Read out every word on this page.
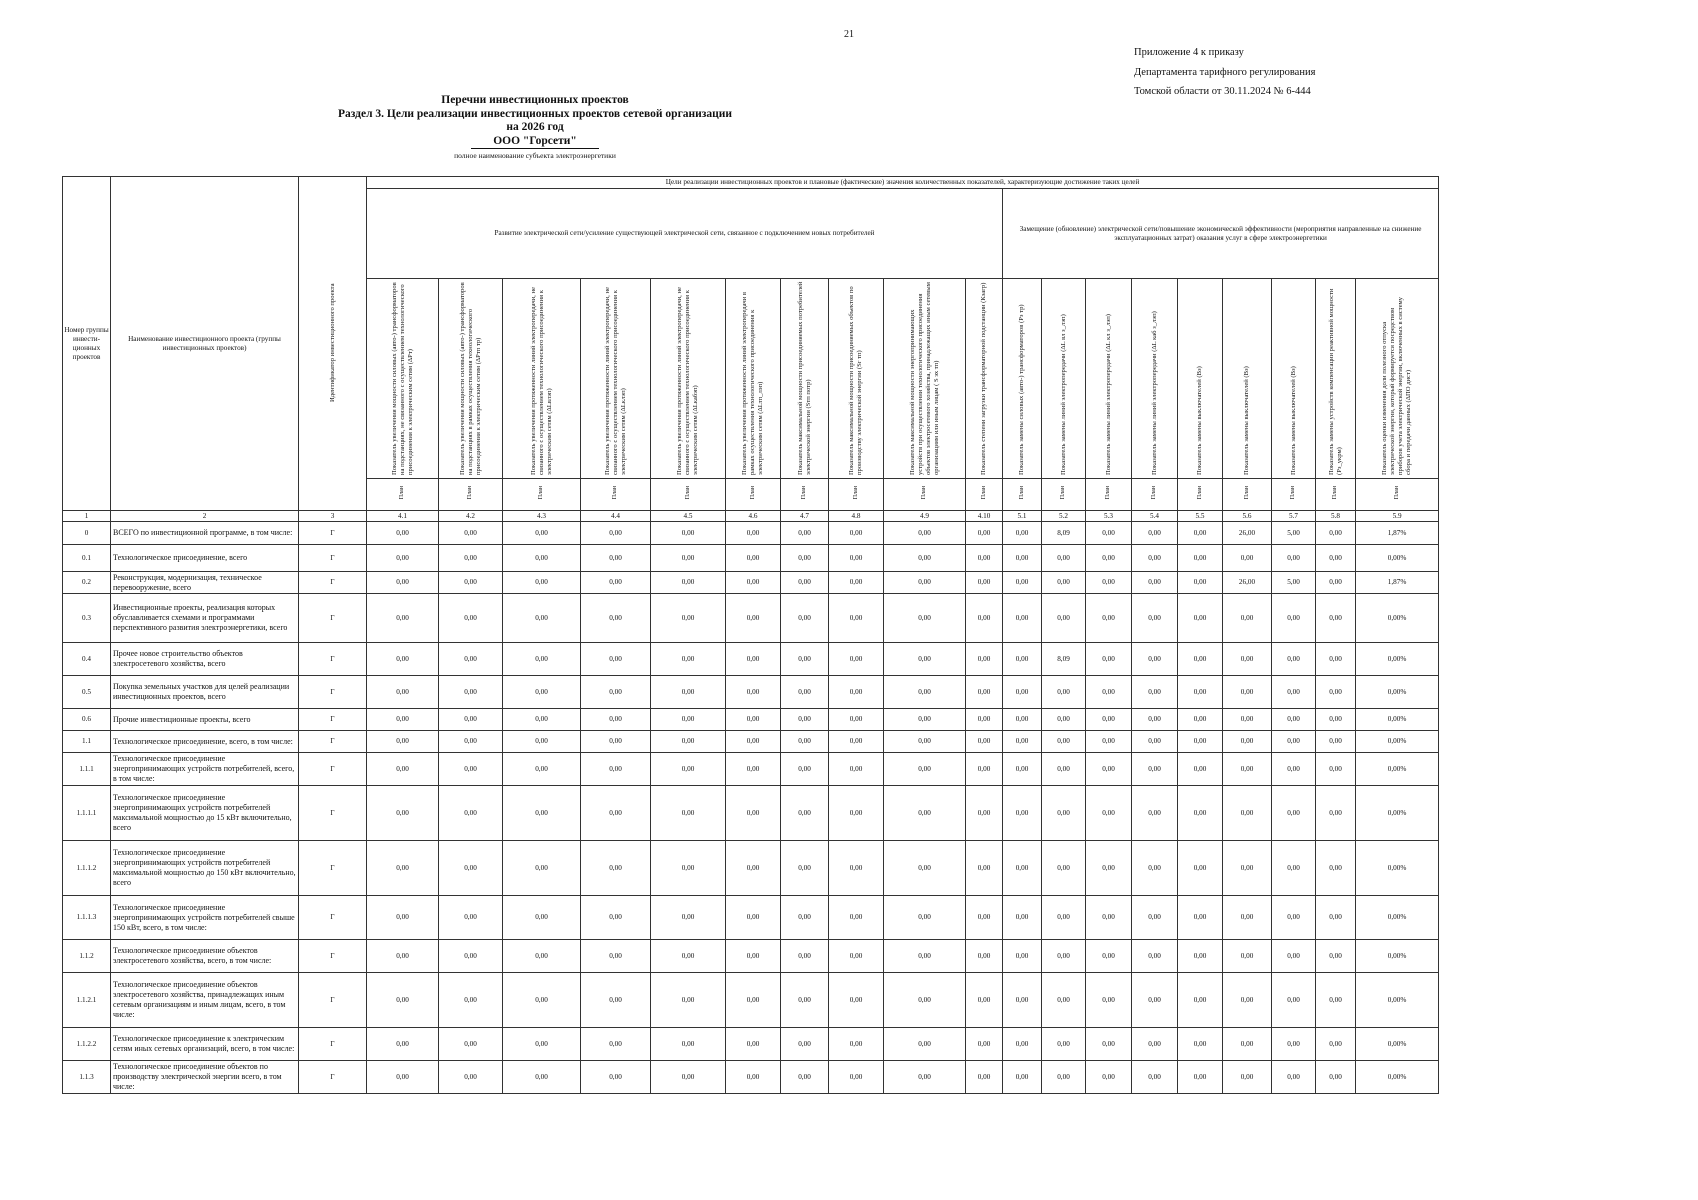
21
Приложение 4 к приказу
Департамента тарифного регулирования
Томской области от 30.11.2024 № 6-444
Перечни инвестиционных проектов
Раздел 3. Цели реализации инвестиционных проектов сетевой организации
на 2026 год
ООО "Горсети"
полное наименование субъекта электроэнергетики
Номер группы инвести-ционных проектов	Наименование инвестиционного проекта (группы инвестиционных проектов)	Идентификатор инвестиционного проекта	Цели реализации инвестиционных проектов и плановые (фактические) значения количественных показателей, характеризующие достижение таких целей																		
			Развитие электрической сети/усиление существующей электрической сети, связанное с подключением новых потребителей										Замещение (обновление) электрической сети/повышение экономической эффективности (мероприятия направленные на снижение эксплуатационных затрат) оказания услуг в сфере электроэнергетики								
			Показатель увеличения мощности силовых (авто-) трансформаторов на подстанциях, не связанного с осуществлением технологического присоединения к электрическим сетям (ΔPт)	Показатель увеличения мощности силовых (авто-) трансформаторов на подстанциях в рамках осуществления технологического присоединения к электрическим сетям (ΔPтп тр)	Показатель увеличения протяженности линий электропередачи, не связанного с осуществлением технологического присоединения к электрическим сетям (ΔLвлэп)	Показатель увеличения протяженности линий электропередачи, не связанного с осуществлением технологического присоединения к электрическим сетям (ΔLклэп)	Показатель увеличения протяженности линий электропередачи, не связанного с осуществлением технологического присоединения к электрическим сетям (ΔLкабэп)	Показатель увеличения протяженности линий электропередачи в рамках осуществления технологического присоединения к электрическим сетям (ΔLтп_лэп)	Показатель максимальной мощности присоединяемых потребителей электрической энергии (Sтп потр)	Показатель максимальной мощности присоединяемых объектов по производству электрической энергии (Sг тп)	Показатель максимальной мощности энергопринимающих устройств при осуществлении технологического присоединения объектов электросетевого хозяйства, принадлежащих иным сетевым организациям или иным лицам ( S эх тп)	Показатель степени загрузки трансформаторной подстанции (Кзагр)	Показатель замены силовых (авто-) трансформаторов (Pз тр)	Показатель замены линий электропередачи (ΔL вл з_лэп)	Показатель замены линий электропередачи (ΔL кл з_лэп)	Показатель замены линий электропередачи (ΔL каб з_лэп)	Показатель замены выключателей (Вз)	Показатель замены выключателей (Вз)	Показатель замены выключателей (Вз)	Показатель замены устройств компенсации реактивной мощности (Pз_укрм)	Показатель оценки изменения доли полезного отпуска электрической энергии, который формируется посредством приборов учета электрической энергии, включенных в систему сбора и передачи данных (ΔПО дист)
			План	План	План	План	План	План	План	План	План	План	План	План	План	План	План	План	План	План	План
1	2	3	4.1	4.2	4.3	4.4	4.5	4.6	4.7	4.8	4.9	4.10	5.1	5.2	5.3	5.4	5.5	5.6	5.7	5.8	5.9
0	ВСЕГО по инвестиционной программе, в том числе:	Г	0,00	0,00	0,00	0,00	0,00	0,00	0,00	0,00	0,00	0,00	0,00	8,09	0,00	0,00	0,00	26,00	5,00	0,00	1,87%
0.1	Технологическое присоединение, всего	Г	0,00	0,00	0,00	0,00	0,00	0,00	0,00	0,00	0,00	0,00	0,00	0,00	0,00	0,00	0,00	0,00	0,00	0,00	0,00%
0.2	Реконструкция, модернизация, техническое перевооружение, всего	Г	0,00	0,00	0,00	0,00	0,00	0,00	0,00	0,00	0,00	0,00	0,00	0,00	0,00	0,00	0,00	26,00	5,00	0,00	1,87%
0.3	Инвестиционные проекты, реализация которых обуславливается схемами и программами перспективного развития электроэнергетики, всего	Г	0,00	0,00	0,00	0,00	0,00	0,00	0,00	0,00	0,00	0,00	0,00	0,00	0,00	0,00	0,00	0,00	0,00	0,00	0,00%
0.4	Прочее новое строительство объектов электросетевого хозяйства, всего	Г	0,00	0,00	0,00	0,00	0,00	0,00	0,00	0,00	0,00	0,00	0,00	8,09	0,00	0,00	0,00	0,00	0,00	0,00	0,00%
0.5	Покупка земельных участков для целей реализации инвестиционных проектов, всего	Г	0,00	0,00	0,00	0,00	0,00	0,00	0,00	0,00	0,00	0,00	0,00	0,00	0,00	0,00	0,00	0,00	0,00	0,00	0,00%
0.6	Прочие инвестиционные проекты, всего	Г	0,00	0,00	0,00	0,00	0,00	0,00	0,00	0,00	0,00	0,00	0,00	0,00	0,00	0,00	0,00	0,00	0,00	0,00	0,00%
1.1	Технологическое присоединение, всего, в том числе:	Г	0,00	0,00	0,00	0,00	0,00	0,00	0,00	0,00	0,00	0,00	0,00	0,00	0,00	0,00	0,00	0,00	0,00	0,00	0,00%
1.1.1	Технологическое присоединение энергопринимающих устройств потребителей, всего, в том числе:	Г	0,00	0,00	0,00	0,00	0,00	0,00	0,00	0,00	0,00	0,00	0,00	0,00	0,00	0,00	0,00	0,00	0,00	0,00	0,00%
1.1.1.1	Технологическое присоединение энергопринимающих устройств потребителей максимальной мощностью до 15 кВт включительно, всего	Г	0,00	0,00	0,00	0,00	0,00	0,00	0,00	0,00	0,00	0,00	0,00	0,00	0,00	0,00	0,00	0,00	0,00	0,00	0,00%
1.1.1.2	Технологическое присоединение энергопринимающих устройств потребителей максимальной мощностью до 150 кВт включительно, всего	Г	0,00	0,00	0,00	0,00	0,00	0,00	0,00	0,00	0,00	0,00	0,00	0,00	0,00	0,00	0,00	0,00	0,00	0,00	0,00%
1.1.1.3	Технологическое присоединение энергопринимающих устройств потребителей свыше 150 кВт, всего, в том числе:	Г	0,00	0,00	0,00	0,00	0,00	0,00	0,00	0,00	0,00	0,00	0,00	0,00	0,00	0,00	0,00	0,00	0,00	0,00	0,00%
1.1.2	Технологическое присоединение объектов электросетевого хозяйства, всего, в том числе:	Г	0,00	0,00	0,00	0,00	0,00	0,00	0,00	0,00	0,00	0,00	0,00	0,00	0,00	0,00	0,00	0,00	0,00	0,00	0,00%
1.1.2.1	Технологическое присоединение объектов электросетевого хозяйства, принадлежащих иным сетевым организациям и иным лицам, всего, в том числе:	Г	0,00	0,00	0,00	0,00	0,00	0,00	0,00	0,00	0,00	0,00	0,00	0,00	0,00	0,00	0,00	0,00	0,00	0,00	0,00%
1.1.2.2	Технологическое присоединение к электрическим сетям иных сетевых организаций, всего, в том числе:	Г	0,00	0,00	0,00	0,00	0,00	0,00	0,00	0,00	0,00	0,00	0,00	0,00	0,00	0,00	0,00	0,00	0,00	0,00	0,00%
1.1.3	Технологическое присоединение объектов по производству электрической энергии всего, в том числе:	Г	0,00	0,00	0,00	0,00	0,00	0,00	0,00	0,00	0,00	0,00	0,00	0,00	0,00	0,00	0,00	0,00	0,00	0,00	0,00%
